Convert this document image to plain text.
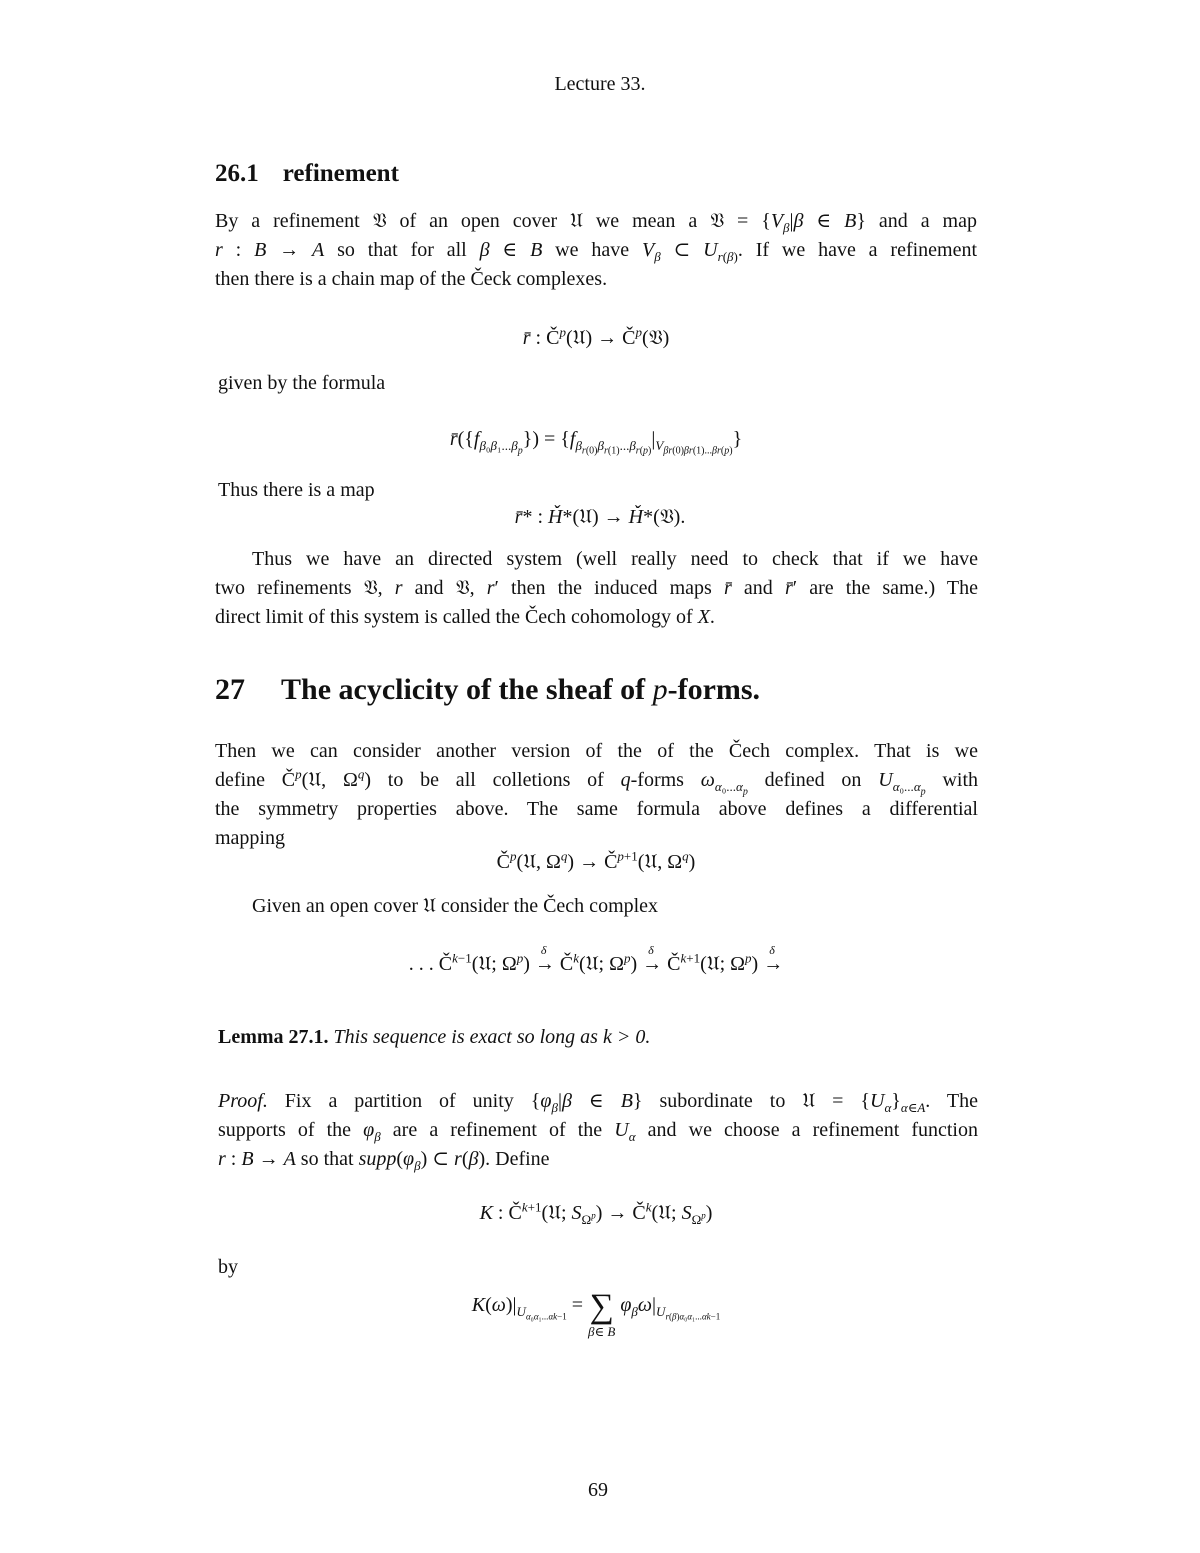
Lecture 33.
26.1 refinement
By a refinement 𝔙 of an open cover 𝔘 we mean a 𝔙 = {$V_\beta|\beta$ ∈ B} and a map
r : B → A so that for all β ∈ B we have $V_\beta$ ⊂ $U_{r(\beta)}$. If we have a refinement
then there is a chain map of the Čeck complexes.
r̄ : $Č^p(𝔘)$ → $Č^p(𝔙)$
given by the formula
$r̄(\{f_{\beta_0\beta_1...\beta_p}\}) = \{f_{\beta_{r(0)}\beta_{r(1)}...\beta_{r(p)}}|_{V_{\beta r(0)\beta r(1)...\beta r(p)}}\}$
Thus there is a map
r̄* : Ȟ*(𝔘) → Ȟ*(𝔙).
Thus we have an directed system (well really need to check that if we have
two refinements 𝔙, r and 𝔙, r′ then the induced maps r̄ and r̄′ are the same.) The
direct limit of this system is called the Čech cohomology of X.
27 The acyclicity of the sheaf of p-forms.
Then we can consider another version of the of the Čech complex. That is we
define $Č^p(𝔘$, $\Omega^q$) to be all colletions of q-forms $\omega_{\alpha_0...\alpha_p}$ defined on $U_{\alpha_0...\alpha_p}$ with
the symmetry properties above. The same formula above defines a differential
mapping
$Č^p(𝔘$, $\Omega^q$) → $Č^{p+1}(𝔘$, $\Omega^q$)
Given an open cover 𝔘 consider the Čech complex
. . . $Č^{k-1}(𝔘$; $\Omega^p$) →
δ
$Č^k(𝔘$; $\Omega^p$) →
δ
$Č^{k+1}(𝔘$; $\Omega^p$) →
δ
Lemma 27.1. This sequence is exact so long as k > 0.
Proof. Fix a partition of unity {$\varphi_\beta|\beta$ ∈ B} subordinate to 𝔘 = $\{U_\alpha\}_{\alpha\in A}$. The
supports of the $\varphi_\beta$ are a refinement of the $U_\alpha$ and we choose a refinement function
r : B → A so that $supp(\varphi_\beta)$ ⊂ r(β). Define
K : $Č^{k+1}(𝔘$; $S_{\Omega^p}$) → $Č^k(𝔘$; $S_{\Omega^p}$)
by
$K(\omega)|_{U_{\alpha_0\alpha_1...\alpha k-1}}$ = ∑
β∈ B
$\varphi_\beta\omega|_{U_{r(\beta)\alpha_0\alpha_1...\alpha k-1}}$
69
